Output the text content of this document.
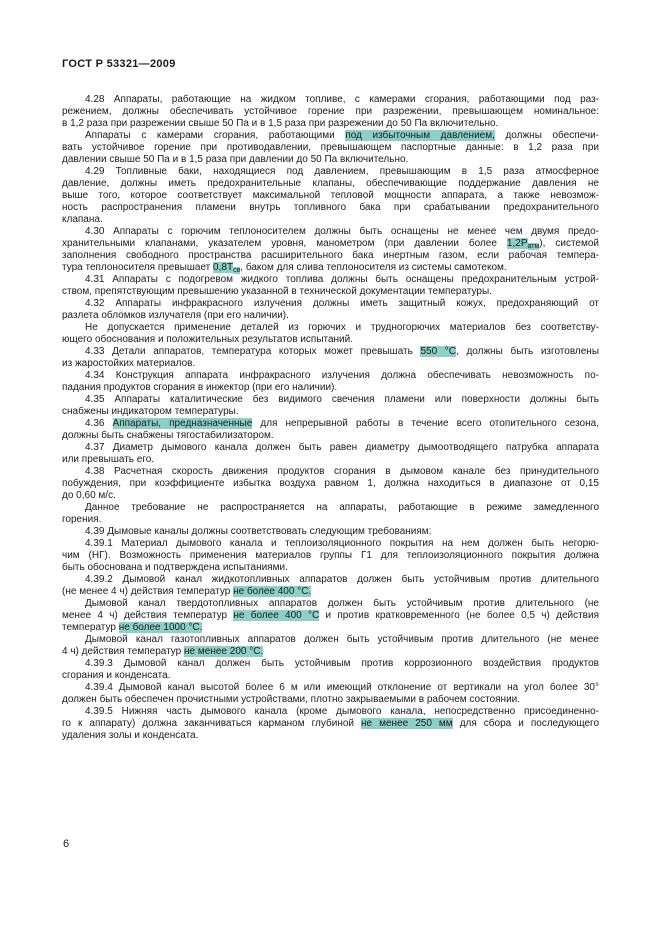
ГОСТ Р 53321—2009
4.28 Аппараты, работающие на жидком топливе, с камерами сгорания, работающими под раз-
режением, должны обеспечивать устойчивое горение при разрежении, превышающем номинальное:
в 1,2 раза при разрежении свыше 50 Па и в 1,5 раза при разрежении до 50 Па включительно.
Аппараты с камерами сгорания, работающими под избыточным давлением, должны обеспечи-
вать устойчивое горение при противодавлении, превышающем паспортные данные: в 1,2 раза при
давлении свыше 50 Па и в 1,5 раза при давлении до 50 Па включительно.
4.29 Топливные баки, находящиеся под давлением, превышающим в 1,5 раза атмосферное
давление, должны иметь предохранительные клапаны, обеспечивающие поддержание давления не
выше того, которое соответствует максимальной тепловой мощности аппарата, а также невозмож-
ность распространения пламени внутрь топливного бака при срабатывании предохранительного
клапана.
4.30 Аппараты с горючим теплоносителем должны быть оснащены не менее чем двумя предо-
хранительными клапанами, указателем уровня, манометром (при давлении более $1,2Р_{атм}$), системой
заполнения свободного пространства расширительного бака инертным газом, если рабочая темпера-
тура теплоносителя превышает $0,8Т_{св}$, баком для слива теплоносителя из системы самотеком.
4.31 Аппараты с подогревом жидкого топлива должны быть оснащены предохранительным устрой-
ством, препятствующим превышению указанной в технической документации температуры.
4.32 Аппараты инфракрасного излучения должны иметь защитный кожух, предохраняющий от
разлета обломков излучателя (при его наличии).
Не допускается применение деталей из горючих и трудногорючих материалов без соответству-
ющего обоснования и положительных результатов испытаний.
4.33 Детали аппаратов, температура которых может превышать 550 °С, должны быть изготовлены
из жаростойких материалов.
4.34 Конструкция аппарата инфракрасного излучения должна обеспечивать невозможность по-
падания продуктов сгорания в инжектор (при его наличии).
4.35 Аппараты каталитические без видимого свечения пламени или поверхности должны быть
снабжены индикатором температуры.
4.36 Аппараты, предназначенные для непрерывной работы в течение всего отопительного сезона,
должны быть снабжены тягостабилизатором.
4.37 Диаметр дымового канала должен быть равен диаметру дымоотводящего патрубка аппарата
или превышать его.
4.38 Расчетная скорость движения продуктов сгорания в дымовом канале без принудительного
побуждения, при коэффициенте избытка воздуха равном 1, должна находиться в диапазоне от 0,15
до 0,60 м/с.
Данное требование не распространяется на аппараты, работающие в режиме замедленного
горения.
4.39 Дымовые каналы должны соответствовать следующим требованиям:
4.39.1 Материал дымового канала и теплоизоляционного покрытия на нем должен быть негорю-
чим (НГ). Возможность применения материалов группы Г1 для теплоизоляционного покрытия должна
быть обоснована и подтверждена испытаниями.
4.39.2 Дымовой канал жидкотопливных аппаратов должен быть устойчивым против длительного
(не менее 4 ч) действия температур не более 400 °С.
Дымовой канал твердотопливных аппаратов должен быть устойчивым против длительного (не
менее 4 ч) действия температур не более 400 °С и против кратковременного (не более 0,5 ч) действия
температур не более 1000 °С.
Дымовой канал газотопливных аппаратов должен быть устойчивым против длительного (не менее
4 ч) действия температур не менее 200 °С.
4.39.3 Дымовой канал должен быть устойчивым против коррозионного воздействия продуктов
сгорания и конденсата.
4.39.4 Дымовой канал высотой более 6 м или имеющий отклонение от вертикали на угол более 30°
должен быть обеспечен прочистными устройствами, плотно закрываемыми в рабочем состоянии.
4.39.5 Нижняя часть дымового канала (кроме дымового канала, непосредственно присоединенно-
го к аппарату) должна заканчиваться карманом глубиной не менее 250 мм для сбора и последующего
удаления золы и конденсата.
6
